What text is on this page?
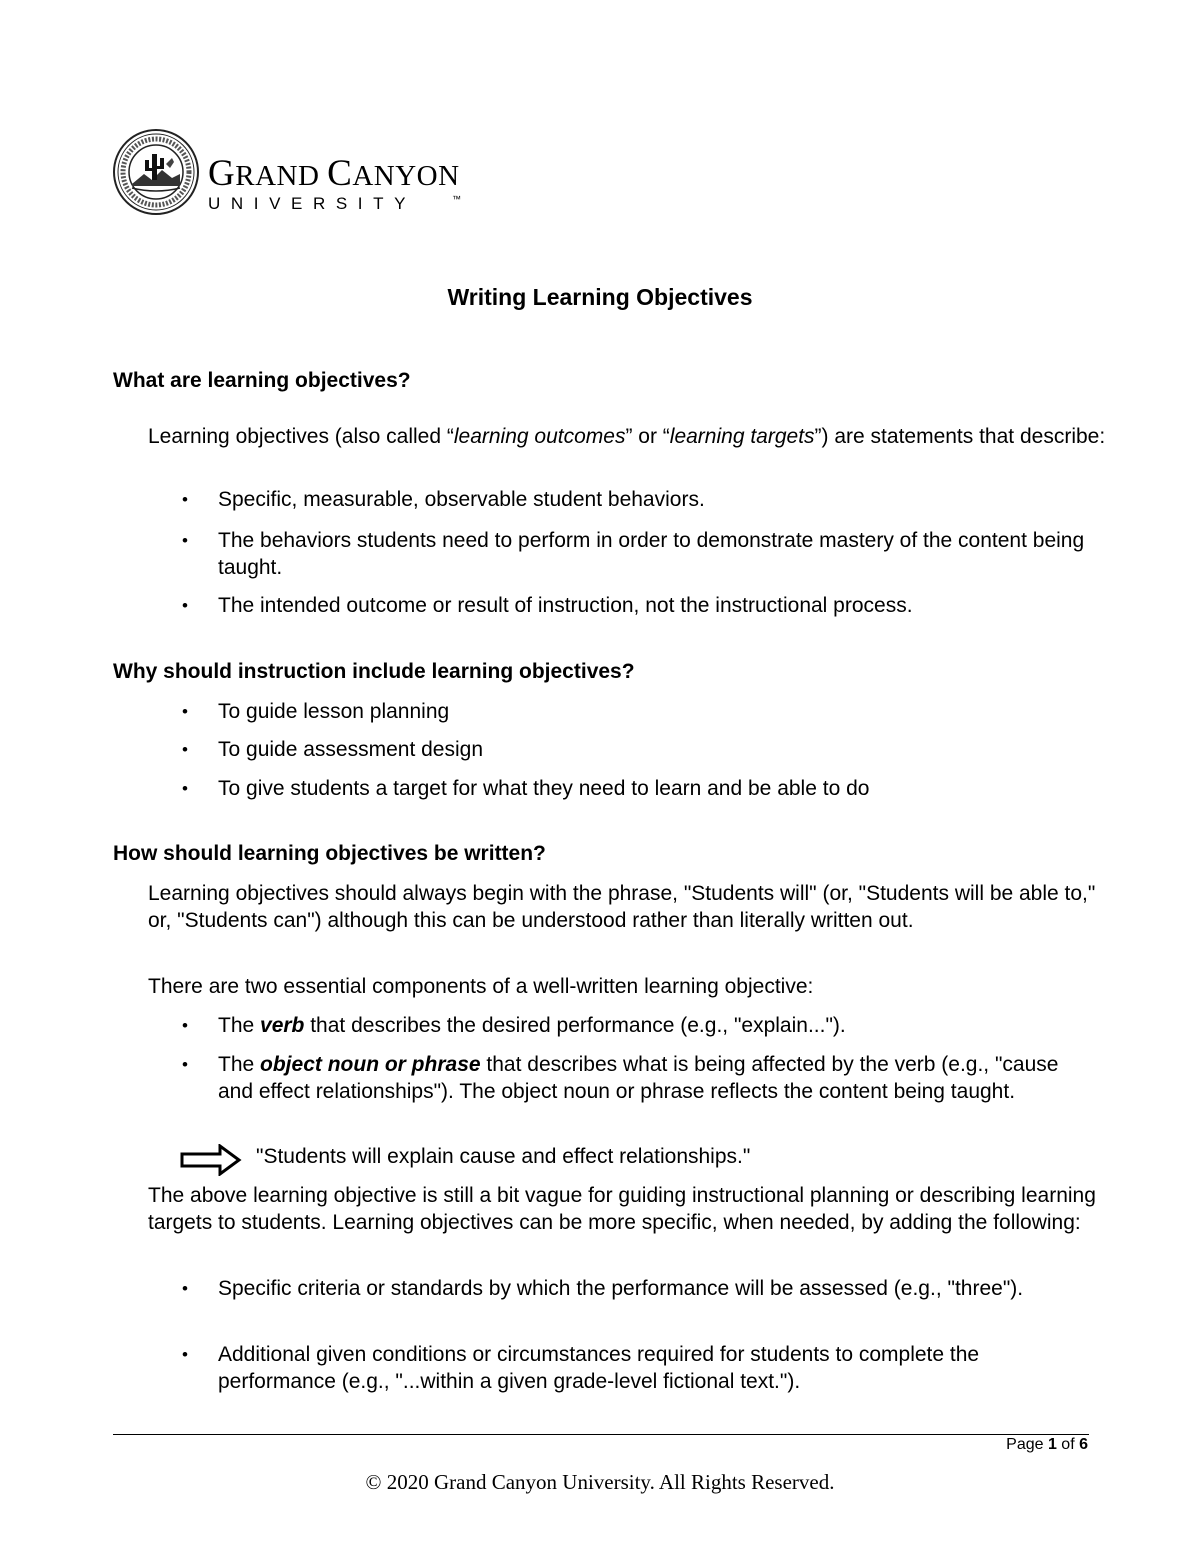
GRAND CANYON
UNIVERSITY	™
Writing Learning Objectives
What are learning objectives?
Learning objectives (also called “learning outcomes” or “learning targets”) are statements that describe:
• Specific, measurable, observable student behaviors.
• The behaviors students need to perform in order to demonstrate mastery of the content being taught.
• The intended outcome or result of instruction, not the instructional process.
Why should instruction include learning objectives?
• To guide lesson planning
• To guide assessment design
• To give students a target for what they need to learn and be able to do
How should learning objectives be written?
Learning objectives should always begin with the phrase, "Students will" (or, "Students will be able to," or, "Students can") although this can be understood rather than literally written out.
There are two essential components of a well-written learning objective:
• The verb that describes the desired performance (e.g., "explain...").
• The object noun or phrase that describes what is being affected by the verb (e.g., "cause and effect relationships"). The object noun or phrase reflects the content being taught.
"Students will explain cause and effect relationships."
The above learning objective is still a bit vague for guiding instructional planning or describing learning targets to students. Learning objectives can be more specific, when needed, by adding the following:
• Specific criteria or standards by which the performance will be assessed (e.g., "three").
• Additional given conditions or circumstances required for students to complete the performance (e.g., "...within a given grade-level fictional text.").
Page 1 of 6
© 2020 Grand Canyon University. All Rights Reserved.
